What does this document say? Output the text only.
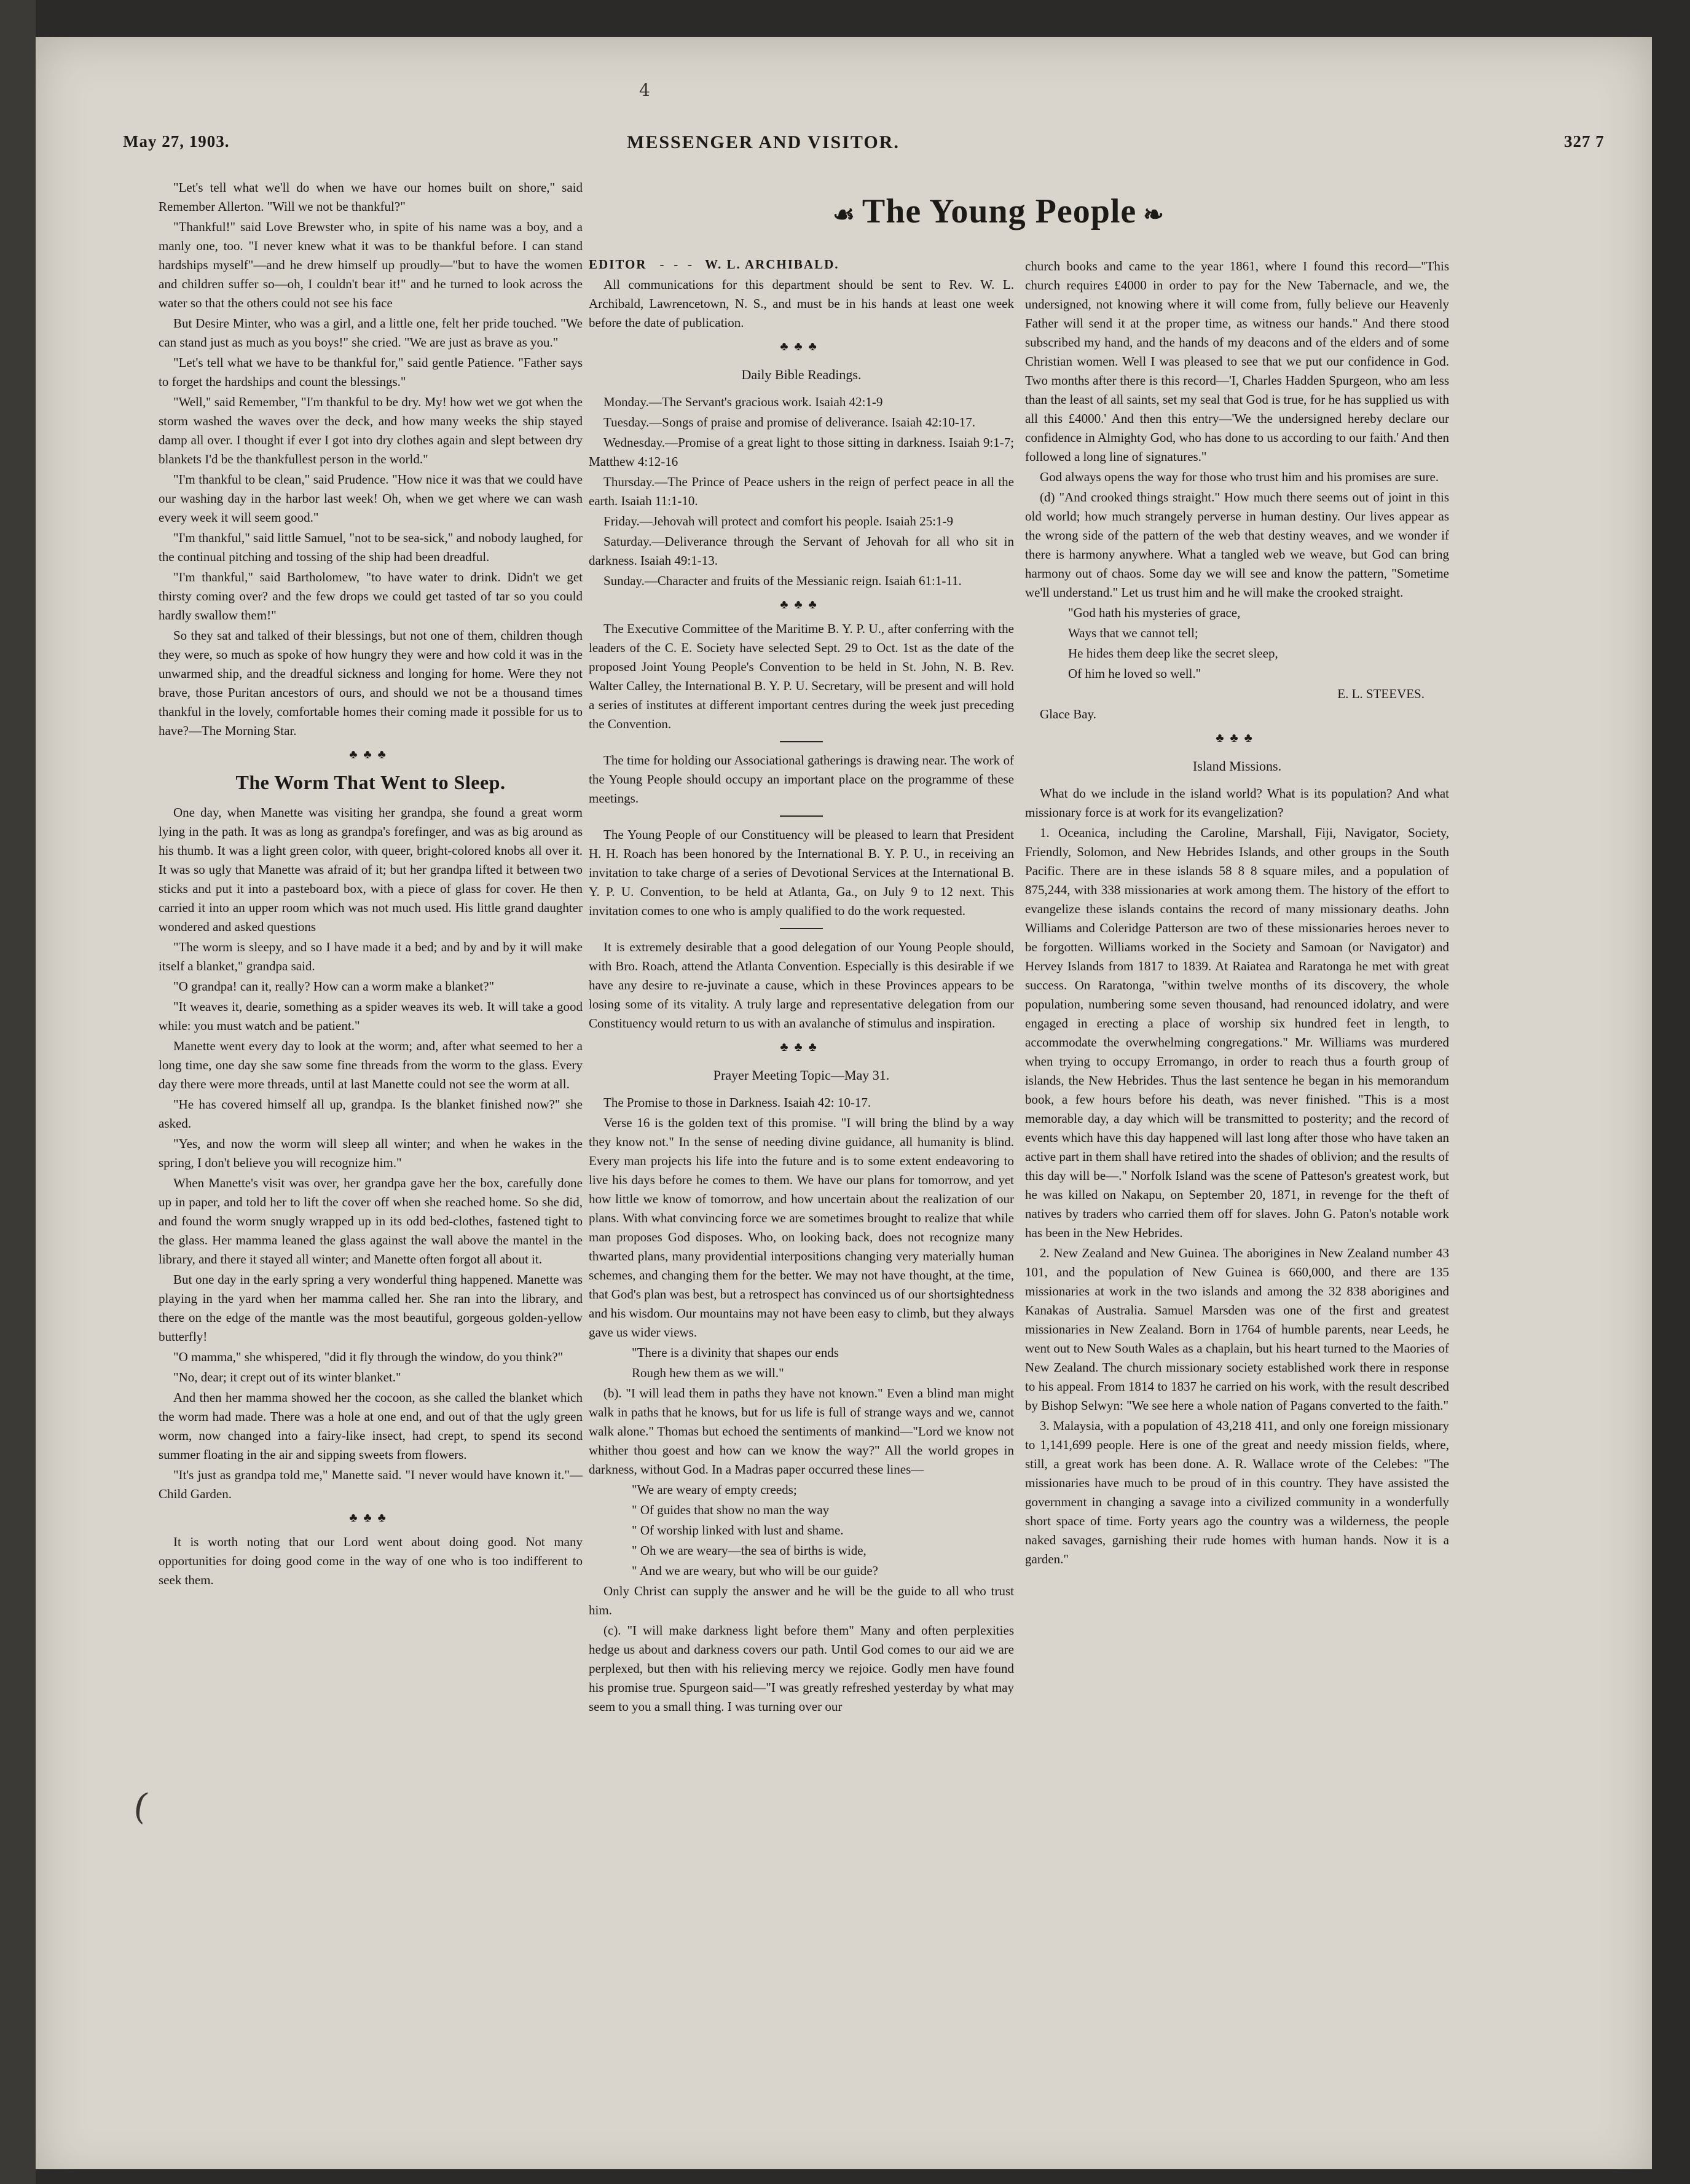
4
May 27, 1903.	MESSENGER AND VISITOR.	327 7
☙ The Young People ❧

"Let's tell what we'll do when we have our homes built on shore," said Remember Allerton. "Will we not be thankful?"

"Thankful!" said Love Brewster who, in spite of his name was a boy, and a manly one, too. "I never knew what it was to be thankful before. I can stand hardships myself"—and he drew himself up proudly—"but to have the women and children suffer so—oh, I couldn't bear it!" and he turned to look across the water so that the others could not see his face

But Desire Minter, who was a girl, and a little one, felt her pride touched. "We can stand just as much as you boys!" she cried. "We are just as brave as you."

"Let's tell what we have to be thankful for," said gentle Patience. "Father says to forget the hardships and count the blessings."

"Well," said Remember, "I'm thankful to be dry. My! how wet we got when the storm washed the waves over the deck, and how many weeks the ship stayed damp all over. I thought if ever I got into dry clothes again and slept between dry blankets I'd be the thankfullest person in the world."

"I'm thankful to be clean," said Prudence. "How nice it was that we could have our washing day in the harbor last week! Oh, when we get where we can wash every week it will seem good."

"I'm thankful," said little Samuel, "not to be sea-sick," and nobody laughed, for the continual pitching and tossing of the ship had been dreadful.

"I'm thankful," said Bartholomew, "to have water to drink. Didn't we get thirsty coming over? and the few drops we could get tasted of tar so you could hardly swallow them!"

So they sat and talked of their blessings, but not one of them, children though they were, so much as spoke of how hungry they were and how cold it was in the unwarmed ship, and the dreadful sickness and longing for home. Were they not brave, those Puritan ancestors of ours, and should we not be a thousand times thankful in the lovely, comfortable homes their coming made it possible for us to have?—The Morning Star.

♣♣♣
The Worm That Went to Sleep.

One day, when Manette was visiting her grandpa, she found a great worm lying in the path. It was as long as grandpa's forefinger, and was as big around as his thumb. It was a light green color, with queer, bright-colored knobs all over it. It was so ugly that Manette was afraid of it; but her grandpa lifted it between two sticks and put it into a pasteboard box, with a piece of glass for cover. He then carried it into an upper room which was not much used. His little grand daughter wondered and asked questions

"The worm is sleepy, and so I have made it a bed; and by and by it will make itself a blanket," grandpa said.

"O grandpa! can it, really? How can a worm make a blanket?"

"It weaves it, dearie, something as a spider weaves its web. It will take a good while: you must watch and be patient."

Manette went every day to look at the worm; and, after what seemed to her a long time, one day she saw some fine threads from the worm to the glass. Every day there were more threads, until at last Manette could not see the worm at all.

"He has covered himself all up, grandpa. Is the blanket finished now?" she asked.

"Yes, and now the worm will sleep all winter; and when he wakes in the spring, I don't believe you will recognize him."

When Manette's visit was over, her grandpa gave her the box, carefully done up in paper, and told her to lift the cover off when she reached home. So she did, and found the worm snugly wrapped up in its odd bed-clothes, fastened tight to the glass. Her mamma leaned the glass against the wall above the mantel in the library, and there it stayed all winter; and Manette often forgot all about it.

But one day in the early spring a very wonderful thing happened. Manette was playing in the yard when her mamma called her. She ran into the library, and there on the edge of the mantle was the most beautiful, gorgeous golden-yellow butterfly!

"O mamma," she whispered, "did it fly through the window, do you think?"

"No, dear; it crept out of its winter blanket."

And then her mamma showed her the cocoon, as she called the blanket which the worm had made. There was a hole at one end, and out of that the ugly green worm, now changed into a fairy-like insect, had crept, to spend its second summer floating in the air and sipping sweets from flowers.

"It's just as grandpa told me," Manette said. "I never would have known it."—Child Garden.

♣♣♣

It is worth noting that our Lord went about doing good. Not many opportunities for doing good come in the way of one who is too indifferent to seek them.

(

EDITOR    -   -   -    W. L. ARCHIBALD.

All communications for this department should be sent to Rev. W. L. Archibald, Lawrencetown, N. S., and must be in his hands at least one week before the date of publication.

♣♣♣
Daily Bible Readings.

Monday.—The Servant's gracious work. Isaiah 42:1-9

Tuesday.—Songs of praise and promise of deliverance. Isaiah 42:10-17.

Wednesday.—Promise of a great light to those sitting in darkness. Isaiah 9:1-7; Matthew 4:12-16

Thursday.—The Prince of Peace ushers in the reign of perfect peace in all the earth. Isaiah 11:1-10.

Friday.—Jehovah will protect and comfort his people. Isaiah 25:1-9

Saturday.—Deliverance through the Servant of Jehovah for all who sit in darkness. Isaiah 49:1-13.

Sunday.—Character and fruits of the Messianic reign. Isaiah 61:1-11.

♣♣♣

The Executive Committee of the Maritime B. Y. P. U., after conferring with the leaders of the C. E. Society have selected Sept. 29 to Oct. 1st as the date of the proposed Joint Young People's Convention to be held in St. John, N. B. Rev. Walter Calley, the International B. Y. P. U. Secretary, will be present and will hold a series of institutes at different important centres during the week just preceding the Convention.

The time for holding our Associational gatherings is drawing near. The work of the Young People should occupy an important place on the programme of these meetings.

The Young People of our Constituency will be pleased to learn that President H. H. Roach has been honored by the International B. Y. P. U., in receiving an invitation to take charge of a series of Devotional Services at the International B. Y. P. U. Convention, to be held at Atlanta, Ga., on July 9 to 12 next. This invitation comes to one who is amply qualified to do the work requested.

It is extremely desirable that a good delegation of our Young People should, with Bro. Roach, attend the Atlanta Convention. Especially is this desirable if we have any desire to re-juvinate a cause, which in these Provinces appears to be losing some of its vitality. A truly large and representative delegation from our Constituency would return to us with an avalanche of stimulus and inspiration.

♣♣♣
Prayer Meeting Topic—May 31.

The Promise to those in Darkness. Isaiah 42: 10-17.

Verse 16 is the golden text of this promise. "I will bring the blind by a way they know not." In the sense of needing divine guidance, all humanity is blind. Every man projects his life into the future and is to some extent endeavoring to live his days before he comes to them. We have our plans for tomorrow, and yet how little we know of tomorrow, and how uncertain about the realization of our plans. With what convincing force we are sometimes brought to realize that while man proposes God disposes. Who, on looking back, does not recognize many thwarted plans, many providential interpositions changing very materially human schemes, and changing them for the better. We may not have thought, at the time, that God's plan was best, but a retrospect has convinced us of our shortsightedness and his wisdom. Our mountains may not have been easy to climb, but they always gave us wider views.

"There is a divinity that shapes our ends

Rough hew them as we will."

(b). "I will lead them in paths they have not known." Even a blind man might walk in paths that he knows, but for us life is full of strange ways and we, cannot walk alone." Thomas but echoed the sentiments of mankind—"Lord we know not whither thou goest and how can we know the way?" All the world gropes in darkness, without God. In a Madras paper occurred these lines—

"We are weary of empty creeds;

" Of guides that show no man the way

" Of worship linked with lust and shame.

" Oh we are weary—the sea of births is wide,

" And we are weary, but who will be our guide?

Only Christ can supply the answer and he will be the guide to all who trust him.

(c). "I will make darkness light before them" Many and often perplexities hedge us about and darkness covers our path. Until God comes to our aid we are perplexed, but then with his relieving mercy we rejoice. Godly men have found his promise true. Spurgeon said—"I was greatly refreshed yesterday by what may seem to you a small thing. I was turning over our

church books and came to the year 1861, where I found this record—"This church requires £4000 in order to pay for the New Tabernacle, and we, the undersigned, not knowing where it will come from, fully believe our Heavenly Father will send it at the proper time, as witness our hands." And there stood subscribed my hand, and the hands of my deacons and of the elders and of some Christian women. Well I was pleased to see that we put our confidence in God. Two months after there is this record—'I, Charles Hadden Spurgeon, who am less than the least of all saints, set my seal that God is true, for he has supplied us with all this £4000.' And then this entry—'We the undersigned hereby declare our confidence in Almighty God, who has done to us according to our faith.' And then followed a long line of signatures."

God always opens the way for those who trust him and his promises are sure.

(d) "And crooked things straight." How much there seems out of joint in this old world; how much strangely perverse in human destiny. Our lives appear as the wrong side of the pattern of the web that destiny weaves, and we wonder if there is harmony anywhere. What a tangled web we weave, but God can bring harmony out of chaos. Some day we will see and know the pattern, "Sometime we'll understand." Let us trust him and he will make the crooked straight.

"God hath his mysteries of grace,

Ways that we cannot tell;

He hides them deep like the secret sleep,

Of him he loved so well."

E. L. STEEVES.

Glace Bay.

♣♣♣
Island Missions.

What do we include in the island world? What is its population? And what missionary force is at work for its evangelization?

1. Oceanica, including the Caroline, Marshall, Fiji, Navigator, Society, Friendly, Solomon, and New Hebrides Islands, and other groups in the South Pacific. There are in these islands 58 8 8 square miles, and a population of 875,244, with 338 missionaries at work among them. The history of the effort to evangelize these islands contains the record of many missionary deaths. John Williams and Coleridge Patterson are two of these missionaries heroes never to be forgotten. Williams worked in the Society and Samoan (or Navigator) and Hervey Islands from 1817 to 1839. At Raiatea and Raratonga he met with great success. On Raratonga, "within twelve months of its discovery, the whole population, numbering some seven thousand, had renounced idolatry, and were engaged in erecting a place of worship six hundred feet in length, to accommodate the overwhelming congregations." Mr. Williams was murdered when trying to occupy Erromango, in order to reach thus a fourth group of islands, the New Hebrides. Thus the last sentence he began in his memorandum book, a few hours before his death, was never finished. "This is a most memorable day, a day which will be transmitted to posterity; and the record of events which have this day happened will last long after those who have taken an active part in them shall have retired into the shades of oblivion; and the results of this day will be—." Norfolk Island was the scene of Patteson's greatest work, but he was killed on Nakapu, on September 20, 1871, in revenge for the theft of natives by traders who carried them off for slaves. John G. Paton's notable work has been in the New Hebrides.

2. New Zealand and New Guinea. The aborigines in New Zealand number 43 101, and the population of New Guinea is 660,000, and there are 135 missionaries at work in the two islands and among the 32 838 aborigines and Kanakas of Australia. Samuel Marsden was one of the first and greatest missionaries in New Zealand. Born in 1764 of humble parents, near Leeds, he went out to New South Wales as a chaplain, but his heart turned to the Maories of New Zealand. The church missionary society established work there in response to his appeal. From 1814 to 1837 he carried on his work, with the result described by Bishop Selwyn: "We see here a whole nation of Pagans converted to the faith."

3. Malaysia, with a population of 43,218 411, and only one foreign missionary to 1,141,699 people. Here is one of the great and needy mission fields, where, still, a great work has been done. A. R. Wallace wrote of the Celebes: "The missionaries have much to be proud of in this country. They have assisted the government in changing a savage into a civilized community in a wonderfully short space of time. Forty years ago the country was a wilderness, the people naked savages, garnishing their rude homes with human hands. Now it is a garden."
